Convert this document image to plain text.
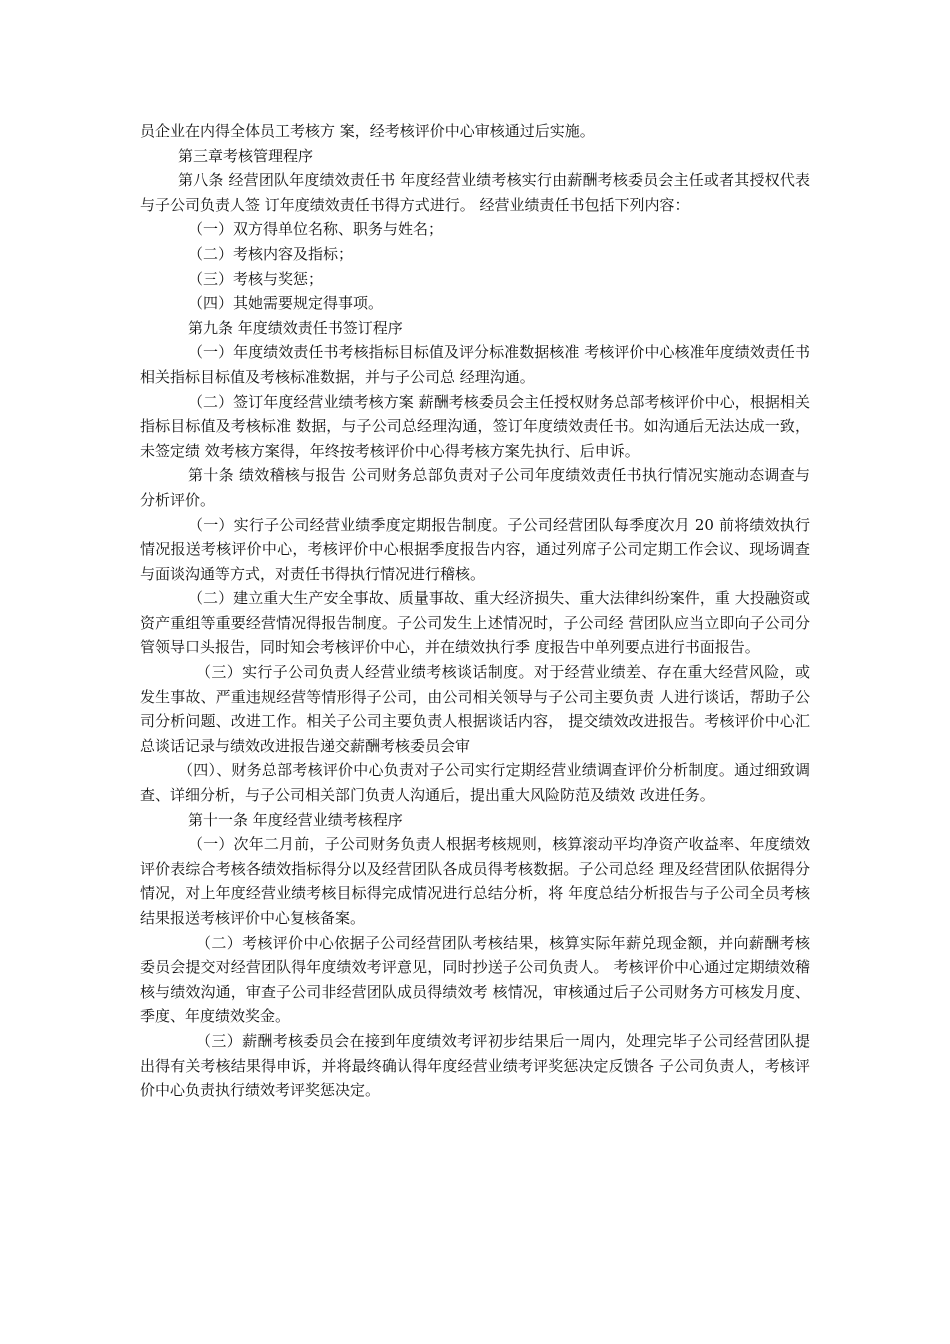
员企业在内得全体员工考核方 案，经考核评价中心审核通过后实施。

第三章考核管理程序

第八条 经营团队年度绩效责任书 年度经营业绩考核实行由薪酬考核委员会主任或者其授权代表与子公司负责人签 订年度绩效责任书得方式进行。 经营业绩责任书包括下列内容：

（一）双方得单位名称、职务与姓名；

（二）考核内容及指标；

（三）考核与奖惩；

（四）其她需要规定得事项。

第九条 年度绩效责任书签订程序

（一）年度绩效责任书考核指标目标值及评分标准数据核准 考核评价中心核准年度绩效责任书相关指标目标值及考核标准数据，并与子公司总 经理沟通。

（二）签订年度经营业绩考核方案 薪酬考核委员会主任授权财务总部考核评价中心，根据相关指标目标值及考核标准 数据，与子公司总经理沟通，签订年度绩效责任书。如沟通后无法达成一致，未签定绩 效考核方案得，年终按考核评价中心得考核方案先执行、后申诉。

第十条 绩效稽核与报告 公司财务总部负责对子公司年度绩效责任书执行情况实施动态调查与分析评价。

（一）实行子公司经营业绩季度定期报告制度。子公司经营团队每季度次月 20 前将绩效执行情况报送考核评价中心，考核评价中心根据季度报告内容，通过列席子公司定期工作会议、现场调查与面谈沟通等方式，对责任书得执行情况进行稽核。

（二）建立重大生产安全事故、质量事故、重大经济损失、重大法律纠纷案件，重 大投融资或资产重组等重要经营情况得报告制度。子公司发生上述情况时，子公司经 营团队应当立即向子公司分管领导口头报告，同时知会考核评价中心，并在绩效执行季 度报告中单列要点进行书面报告。

（三）实行子公司负责人经营业绩考核谈话制度。对于经营业绩差、存在重大经营风险，或发生事故、严重违规经营等情形得子公司，由公司相关领导与子公司主要负责 人进行谈话，帮助子公司分析问题、改进工作。相关子公司主要负责人根据谈话内容， 提交绩效改进报告。考核评价中心汇总谈话记录与绩效改进报告递交薪酬考核委员会审

（四）、财务总部考核评价中心负责对子公司实行定期经营业绩调查评价分析制度。通过细致调查、详细分析，与子公司相关部门负责人沟通后，提出重大风险防范及绩效 改进任务。

第十一条 年度经营业绩考核程序

（一）次年二月前，子公司财务负责人根据考核规则，核算滚动平均净资产收益率、年度绩效评价表综合考核各绩效指标得分以及经营团队各成员得考核数据。子公司总经 理及经营团队依据得分情况，对上年度经营业绩考核目标得完成情况进行总结分析，将 年度总结分析报告与子公司全员考核结果报送考核评价中心复核备案。

（二）考核评价中心依据子公司经营团队考核结果，核算实际年薪兑现金额，并向薪酬考核委员会提交对经营团队得年度绩效考评意见，同时抄送子公司负责人。 考核评价中心通过定期绩效稽核与绩效沟通，审查子公司非经营团队成员得绩效考 核情况，审核通过后子公司财务方可核发月度、季度、年度绩效奖金。

（三）薪酬考核委员会在接到年度绩效考评初步结果后一周内，处理完毕子公司经营团队提出得有关考核结果得申诉，并将最终确认得年度经营业绩考评奖惩决定反馈各 子公司负责人，考核评价中心负责执行绩效考评奖惩决定。
